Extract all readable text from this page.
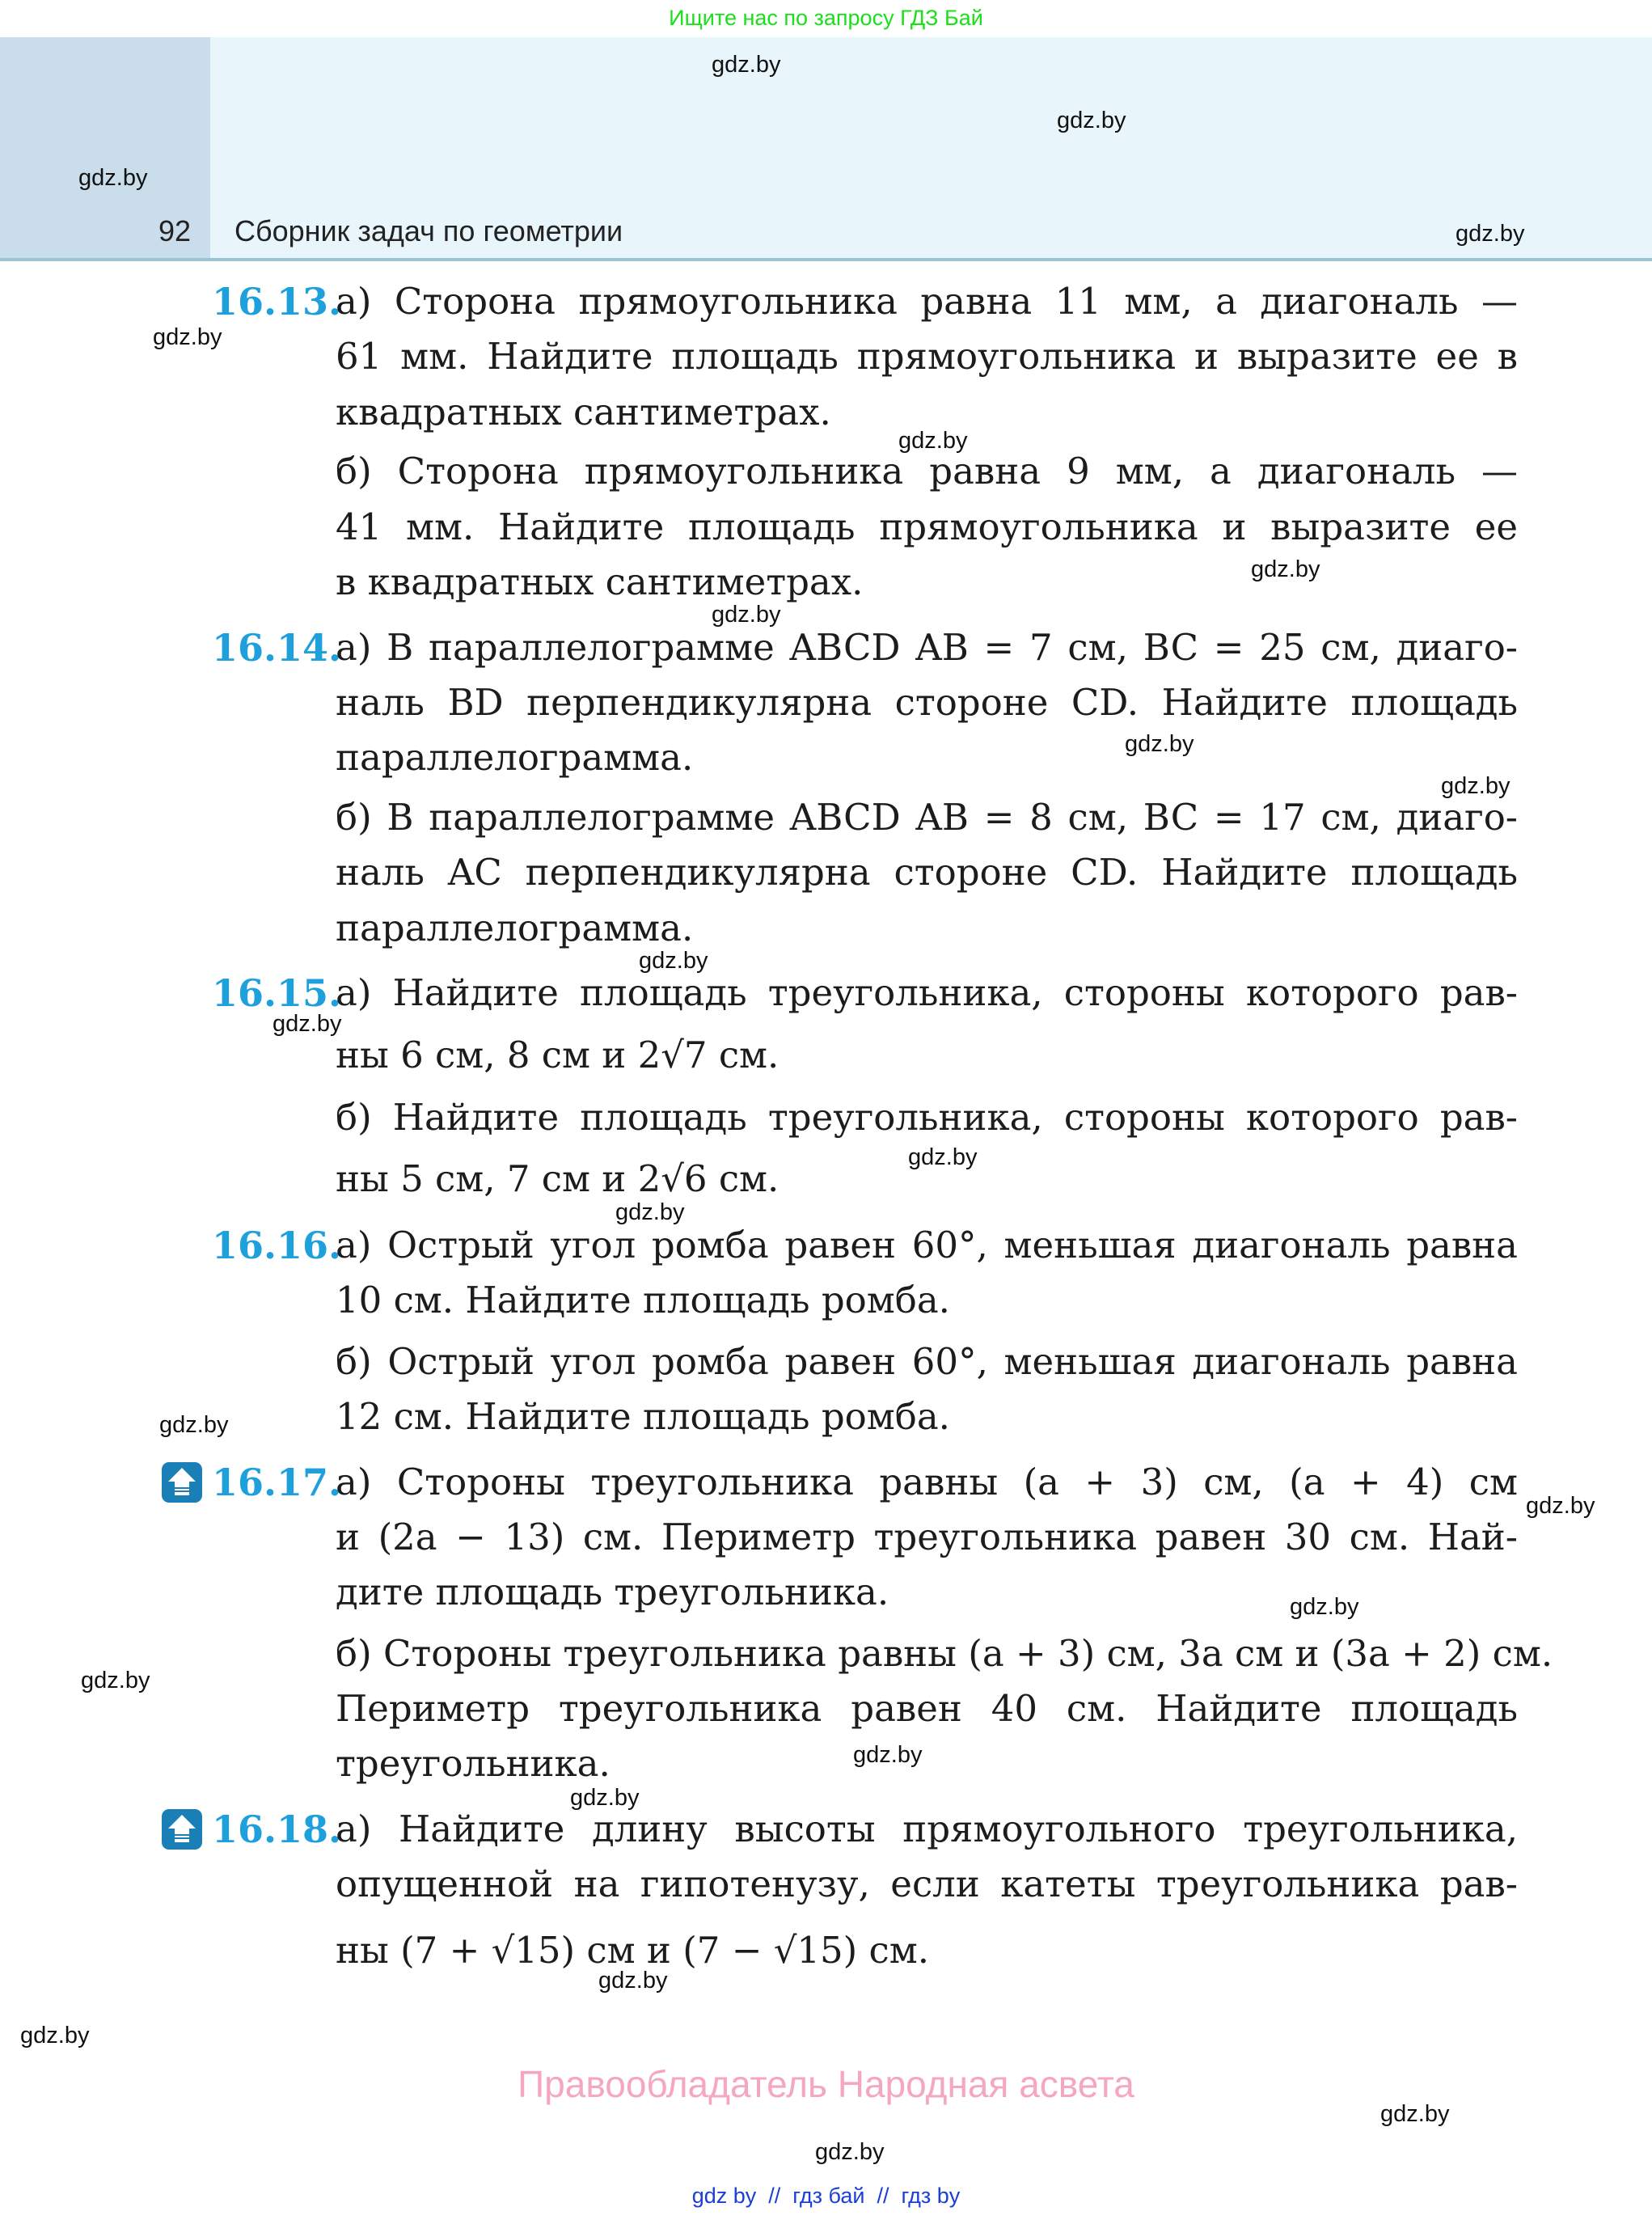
Ищите нас по запросу ГДЗ Бай
92 Сборник задач по геометрии
16.13.
а) Сторона прямоугольника равна 11 мм, а диагональ —
61 мм. Найдите площадь прямоугольника и выразите ее в
квадратных сантиметрах.
б) Сторона прямоугольника равна 9 мм, а диагональ —
41 мм. Найдите площадь прямоугольника и выразите ее
в квадратных сантиметрах.
16.14.
а) В параллелограмме ABCD AB = 7 см, BC = 25 см, диаго-
наль BD перпендикулярна стороне CD. Найдите площадь
параллелограмма.
б) В параллелограмме ABCD AB = 8 см, BC = 17 см, диаго-
наль AC перпендикулярна стороне CD. Найдите площадь
параллелограмма.
16.15.
а) Найдите площадь треугольника, стороны которого рав-
ны 6 см, 8 см и 2√7 см.
б) Найдите площадь треугольника, стороны которого рав-
ны 5 см, 7 см и 2√6 см.
16.16.
а) Острый угол ромба равен 60°, меньшая диагональ равна
10 см. Найдите площадь ромба.
б) Острый угол ромба равен 60°, меньшая диагональ равна
12 см. Найдите площадь ромба.
16.17.
а) Стороны треугольника равны (a + 3) см, (a + 4) см
и (2a − 13) см. Периметр треугольника равен 30 см. Най-
дите площадь треугольника.
б) Стороны треугольника равны (a + 3) см, 3a см и (3a + 2) см.
Периметр треугольника равен 40 см. Найдите площадь
треугольника.
16.18.
а) Найдите длину высоты прямоугольного треугольника,
опущенной на гипотенузу, если катеты треугольника рав-
ны (7 + √15) см и (7 − √15) см.
gdz.by
gdz.by
gdz.by
gdz.by
gdz.by
gdz.by
gdz.by
gdz.by
gdz.by
gdz.by
gdz.by
gdz.by
gdz.by
gdz.by
gdz.by
gdz.by
gdz.by
gdz.by
gdz.by
gdz.by
gdz.by
gdz.by
gdz.by
gdz.by
Правообладатель Народная асвета
gdz by  //  гдз бай  //  гдз by
